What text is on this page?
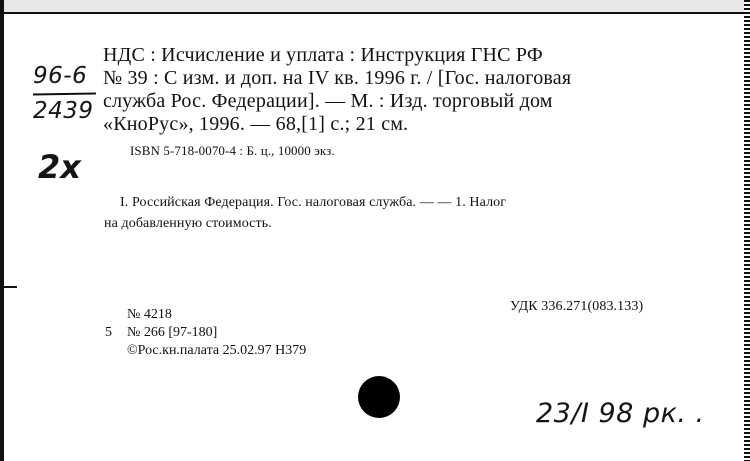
96-6
2439
2x

НДС : Исчисление и уплата : Инструкция ГНС РФ

№ 39 : С изм. и доп. на IV кв. 1996 г. / [Гос. налоговая

служба Рос. Федерации]. — М. : Изд. торговый дом

«КноРус», 1996. — 68,[1] с.; 21 см.

ISBN 5-718-0070-4 : Б. ц., 10000 экз.

I. Российская Федерация. Гос. налоговая служба. — — 1. Налог

на добавленную стоимость.

УДК 336.271(083.133)

№ 4218

5 № 266 [97-180]

©Рос.кн.палата 25.02.97 Н379

23/I 98 рк. .
